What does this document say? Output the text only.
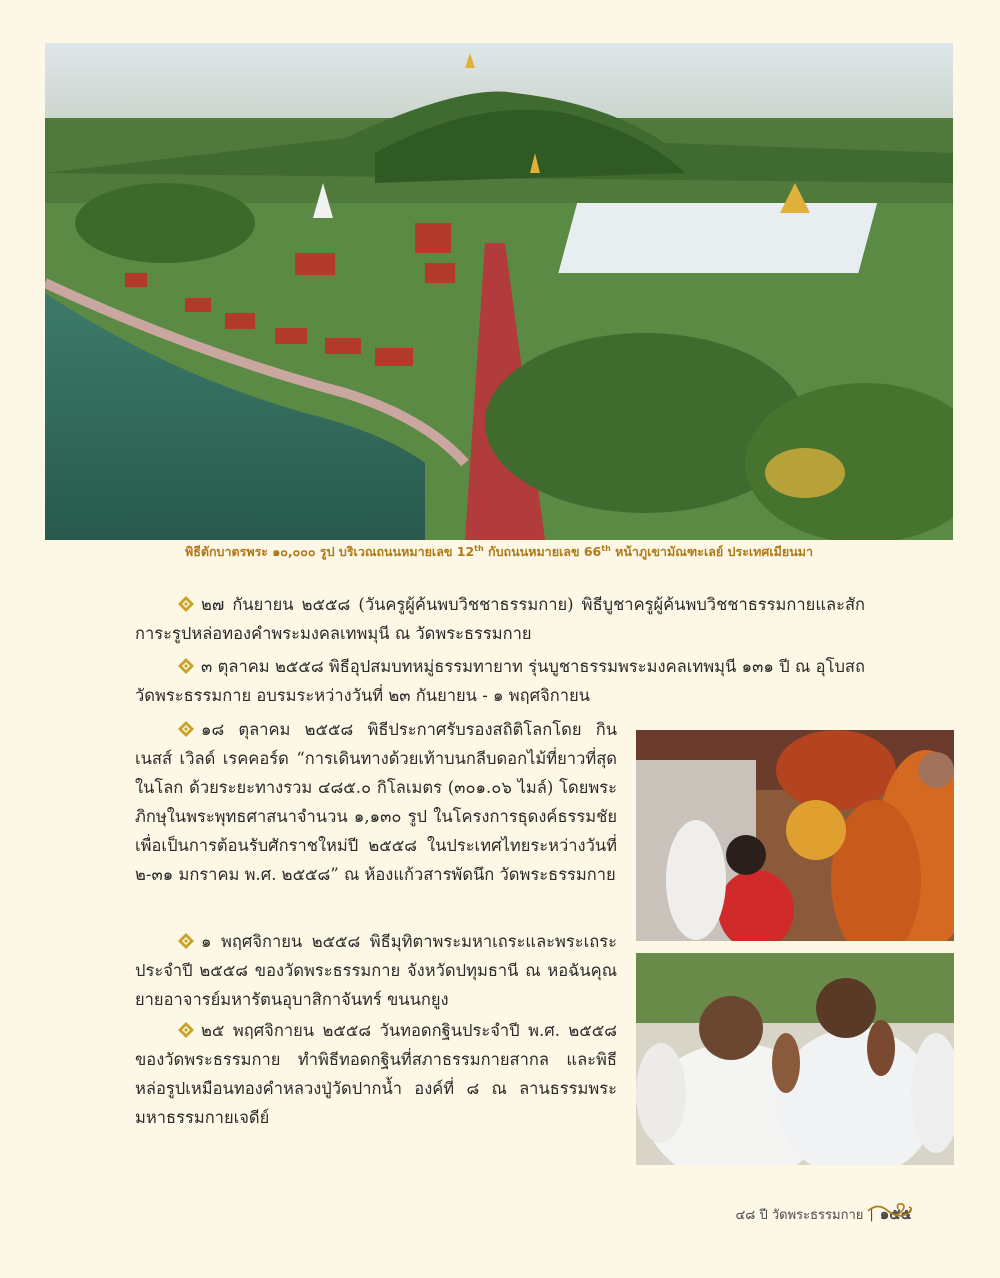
พิธีตักบาตรพระ ๑๐,๐๐๐ รูป บริเวณถนนหมายเลข 12th กับถนนหมายเลข 66th หน้าภูเขามัณฑะเลย์ ประเทศเมียนมา

๒๗ กันยายน ๒๕๕๘ (วันครูผู้ค้นพบวิชชาธรรมกาย) พิธีบูชาครูผู้ค้นพบวิชชาธรรมกายและสักการะรูปหล่อทองคำพระมงคลเทพมุนี ณ วัดพระธรรมกาย

๓ ตุลาคม ๒๕๕๘ พิธีอุปสมบทหมู่ธรรมทายาท รุ่นบูชาธรรมพระมงคลเทพมุนี ๑๓๑ ปี ณ อุโบสถวัดพระธรรมกาย อบรมระหว่างวันที่ ๒๓ กันยายน - ๑ พฤศจิกายน

๑๘ ตุลาคม ๒๕๕๘ พิธีประกาศรับรองสถิติโลกโดย กินเนสส์ เวิลด์ เรคคอร์ด “การเดินทางด้วยเท้าบนกลีบดอกไม้ที่ยาวที่สุดในโลก ด้วยระยะทางรวม ๔๘๕.๐ กิโลเมตร (๓๐๑.๐๖ ไมล์) โดยพระภิกษุในพระพุทธศาสนาจำนวน ๑,๑๓๐ รูป ในโครงการธุดงค์ธรรมชัย เพื่อเป็นการต้อนรับศักราชใหม่ปี ๒๕๕๘ ในประเทศไทยระหว่างวันที่ ๒-๓๑ มกราคม พ.ศ. ๒๕๕๘” ณ ห้องแก้วสารพัดนึก วัดพระธรรมกาย

๑ พฤศจิกายน ๒๕๕๘ พิธีมุทิตาพระมหาเถระและพระเถระ ประจำปี ๒๕๕๘ ของวัดพระธรรมกาย จังหวัดปทุมธานี ณ หอฉันคุณยายอาจารย์มหารัตนอุบาสิกาจันทร์ ขนนกยูง

๒๕ พฤศจิกายน ๒๕๕๘ วันทอดกฐินประจำปี พ.ศ. ๒๕๕๘ ของวัดพระธรรมกาย ทำพิธีทอดกฐินที่สภาธรรมกายสากล และพิธีหล่อรูปเหมือนทองคำหลวงปู่วัดปากน้ำ องค์ที่ ๘ ณ ลานธรรมพระมหาธรรมกายเจดีย์

๔๘ ปี วัดพระธรรมกาย | ๑๕๕
